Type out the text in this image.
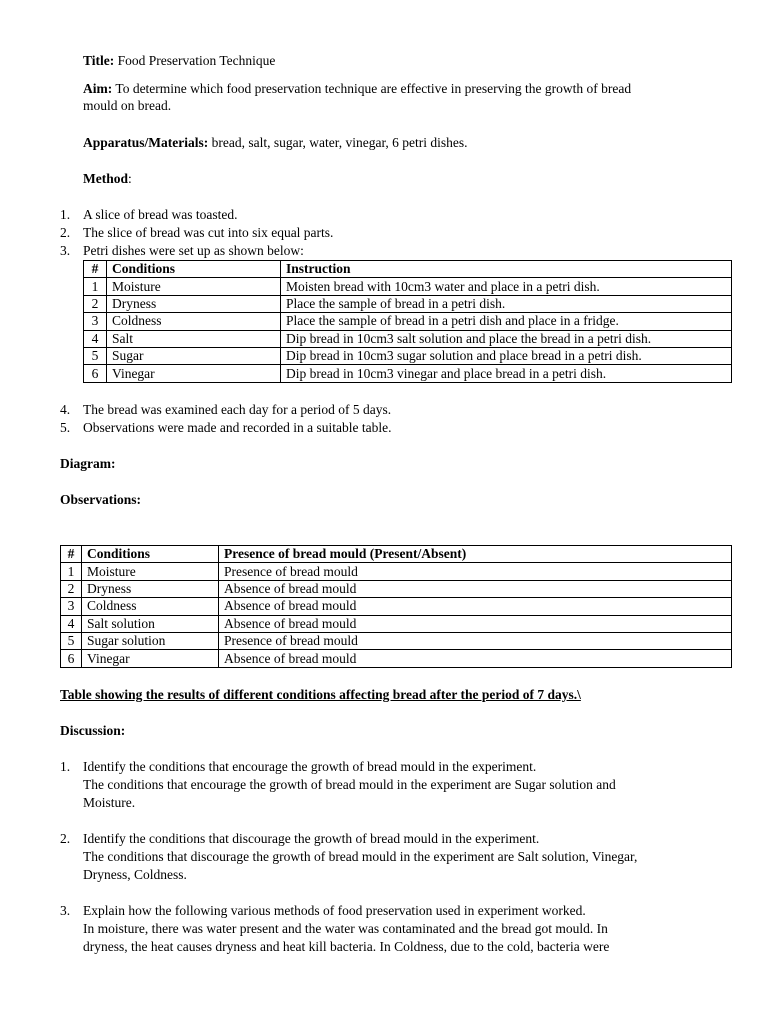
Title: Food Preservation Technique
Aim: To determine which food preservation technique are effective in preserving the growth of bread
mould on bread.
Apparatus/Materials: bread, salt, sugar, water, vinegar, 6 petri dishes.
Method:
1. A slice of bread was toasted.
2. The slice of bread was cut into six equal parts.
3. Petri dishes were set up as shown below:
#	Conditions	Instruction
1	Moisture	Moisten bread with 10cm3 water and place in a petri dish.
2	Dryness	Place the sample of bread in a petri dish.
3	Coldness	Place the sample of bread in a petri dish and place in a fridge.
4	Salt	Dip bread in 10cm3 salt solution and place the bread in a petri dish.
5	Sugar	Dip bread in 10cm3 sugar solution and place bread in a petri dish.
6	Vinegar	Dip bread in 10cm3 vinegar and place bread in a petri dish.
4. The bread was examined each day for a period of 5 days.
5. Observations were made and recorded in a suitable table.
Diagram:
Observations:
#	Conditions	Presence of bread mould (Present/Absent)
1	Moisture	Presence of bread mould
2	Dryness	Absence of bread mould
3	Coldness	Absence of bread mould
4	Salt solution	Absence of bread mould
5	Sugar solution	Presence of bread mould
6	Vinegar	Absence of bread mould
Table showing the results of different conditions affecting bread after the period of 7 days.\
Discussion:
1. Identify the conditions that encourage the growth of bread mould in the experiment.
The conditions that encourage the growth of bread mould in the experiment are Sugar solution and
Moisture.
2. Identify the conditions that discourage the growth of bread mould in the experiment.
The conditions that discourage the growth of bread mould in the experiment are Salt solution, Vinegar,
Dryness, Coldness.
3. Explain how the following various methods of food preservation used in experiment worked.
In moisture, there was water present and the water was contaminated and the bread got mould. In
dryness, the heat causes dryness and heat kill bacteria. In Coldness, due to the cold, bacteria were
